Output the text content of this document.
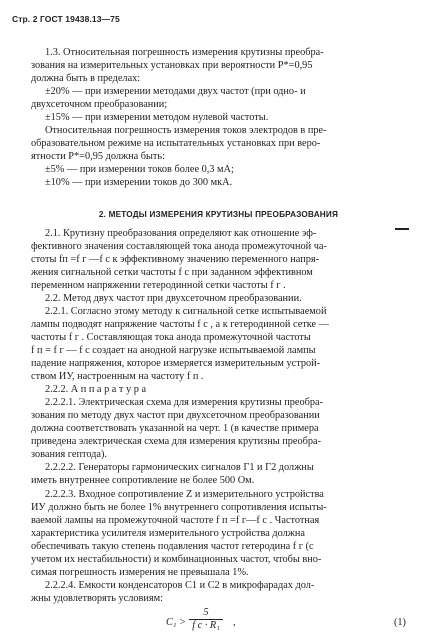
Стр. 2 ГОСТ 19438.13—75

1.3. Относительная погрешность измерения крутизны преобра-

зования на измерительных установках при вероятности P*=0,95

должна быть в пределах:

±20% — при измерении методами двух частот (при одно- и

двухсеточном преобразовании;

±15% — при измерении методом нулевой частоты.

Относительная погрешность измерения токов электродов в пре-

образовательном режиме на испытательных установках при веро-

ятности P*=0,95 должна быть:

±5% — при измерении токов более 0,3 мА;

±10% — при измерении токов до 300 мкА.

2. МЕТОДЫ ИЗМЕРЕНИЯ КРУТИЗНЫ ПРЕОБРАЗОВАНИЯ

2.1. Крутизну преобразования определяют как отношение эф-

фективного значения составляющей тока анода промежуточной ча-

стоты fп =f г —f с к эффективному значению переменного напря-

жения сигнальной сетки частоты f с при заданном эффективном

переменном напряжении гетеродинной сетки частоты f г .

2.2. Метод двух частот при двухсеточном преобразовании.

2.2.1. Согласно этому методу к сигнальной сетке испытываемой

лампы подводят напряжение частоты f с , а к гетеродинной сетке —

частоты f г . Составляющая тока анода промежуточной частоты

f п = f г — f с создает на анодной нагрузке испытываемой лампы

падение напряжения, которое измеряется измерительным устрой-

ством ИУ, настроенным на частоту f п .

2.2.2. А п п а р а т у р а

2.2.2.1. Электрическая схема для измерения крутизны преобра-

зования по методу двух частот при двухсеточном преобразовании

должна соответствовать указанной на черт. 1 (в качестве примера

приведена электрическая схема для измерения крутизны преобра-

зования гептода).

2.2.2.2. Генераторы гармонических сигналов Г1 и Г2 должны

иметь внутреннее сопротивление не более 500 Ом.

2.2.2.3. Входное сопротивление Z и измерительного устройства

ИУ должно быть не более 1% внутреннего сопротивления испыты-

ваемой лампы на промежуточной частоте f п =f г—f с . Частотная

характеристика усилителя измерительного устройства должна

обеспечивать такую степень подавления частот гетеродина f г (с

учетом их нестабильности) и комбинационных частот, чтобы вно-

симая погрешность измерения не превышала 1%.

2.2.2.4. Емкости конденсаторов C1 и C2 в микрофарадах дол-

жны удовлетворять условиям:

C₁ >
5
f с · R₁	,	(1)
